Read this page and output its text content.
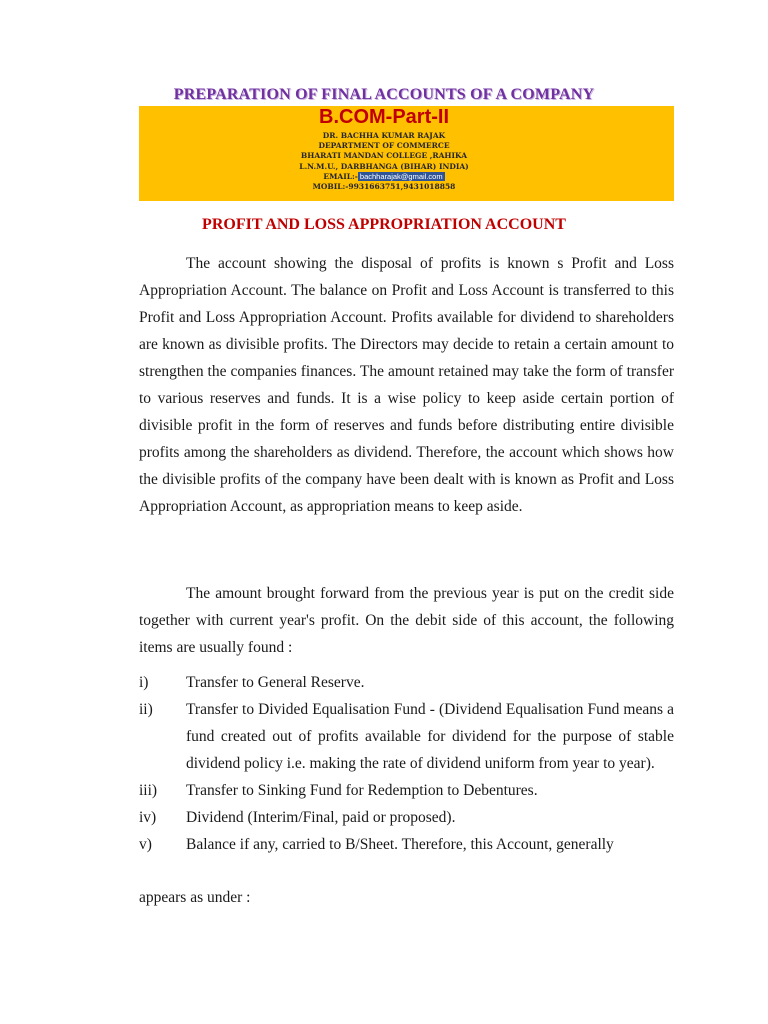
PREPARATION OF FINAL ACCOUNTS OF A COMPANY
B.COM-Part-II
DR. BACHHA KUMAR RAJAK
DEPARTMENT OF COMMERCE
BHARATI MANDAN COLLEGE ,RAHIKA
L.N.M.U., DARBHANGA (BIHAR) INDIA)
EMAIL:- bachharajak@gmail.com
MOBIL:-9931663751,9431018858
PROFIT AND LOSS APPROPRIATION ACCOUNT
The account showing the disposal of profits is known s Profit and Loss Appropriation Account. The balance on Profit and Loss Account is transferred to this Profit and Loss Appropriation Account. Profits available for dividend to shareholders are known as divisible profits. The Directors may decide to retain a certain amount to strengthen the companies finances. The amount retained may take the form of transfer to various reserves and funds. It is a wise policy to keep aside certain portion of divisible profit in the form of reserves and funds before distributing entire divisible profits among the shareholders as dividend. Therefore, the account which shows how the divisible profits of the company have been dealt with is known as Profit and Loss Appropriation Account, as appropriation means to keep aside.
The amount brought forward from the previous year is put on the credit side together with current year's profit. On the debit side of this account, the following items are usually found :
i)	Transfer to General Reserve.
ii)	Transfer to Divided Equalisation Fund - (Dividend Equalisation Fund means a fund created out of profits available for dividend for the purpose of stable dividend policy i.e. making the rate of dividend uniform from year to year).
iii)	Transfer to Sinking Fund for Redemption to Debentures.
iv)	Dividend (Interim/Final, paid or proposed).
v)	Balance if any, carried to B/Sheet. Therefore, this Account, generally
appears as under :
